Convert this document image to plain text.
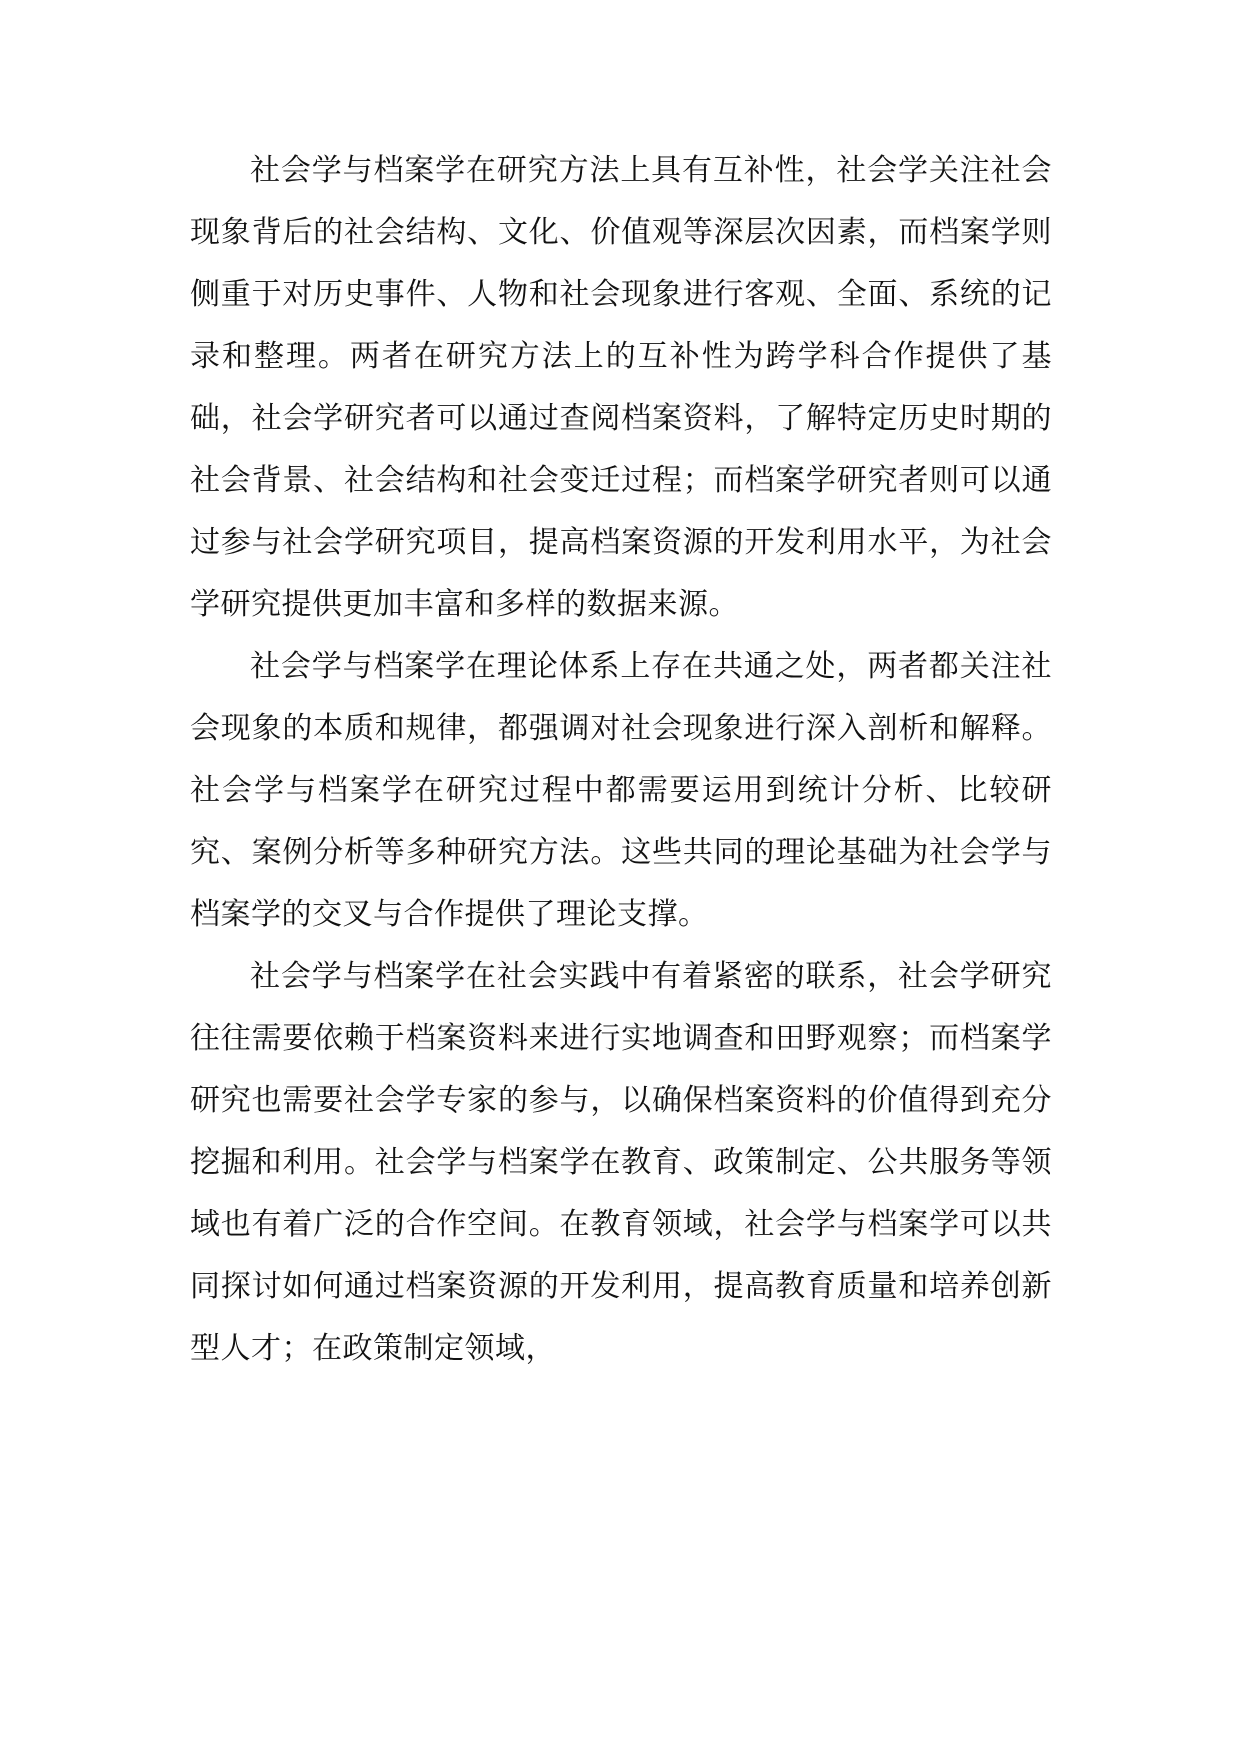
社会学与档案学在研究方法上具有互补性，社会学关注社会现象背后的社会结构、文化、价值观等深层次因素，而档案学则侧重于对历史事件、人物和社会现象进行客观、全面、系统的记录和整理。两者在研究方法上的互补性为跨学科合作提供了基础，社会学研究者可以通过查阅档案资料，了解特定历史时期的社会背景、社会结构和社会变迁过程；而档案学研究者则可以通过参与社会学研究项目，提高档案资源的开发利用水平，为社会学研究提供更加丰富和多样的数据来源。

社会学与档案学在理论体系上存在共通之处，两者都关注社会现象的本质和规律，都强调对社会现象进行深入剖析和解释。社会学与档案学在研究过程中都需要运用到统计分析、比较研究、案例分析等多种研究方法。这些共同的理论基础为社会学与档案学的交叉与合作提供了理论支撑。

社会学与档案学在社会实践中有着紧密的联系，社会学研究往往需要依赖于档案资料来进行实地调查和田野观察；而档案学研究也需要社会学专家的参与，以确保档案资料的价值得到充分挖掘和利用。社会学与档案学在教育、政策制定、公共服务等领域也有着广泛的合作空间。在教育领域，社会学与档案学可以共同探讨如何通过档案资源的开发利用，提高教育质量和培养创新型人才；在政策制定领域，
